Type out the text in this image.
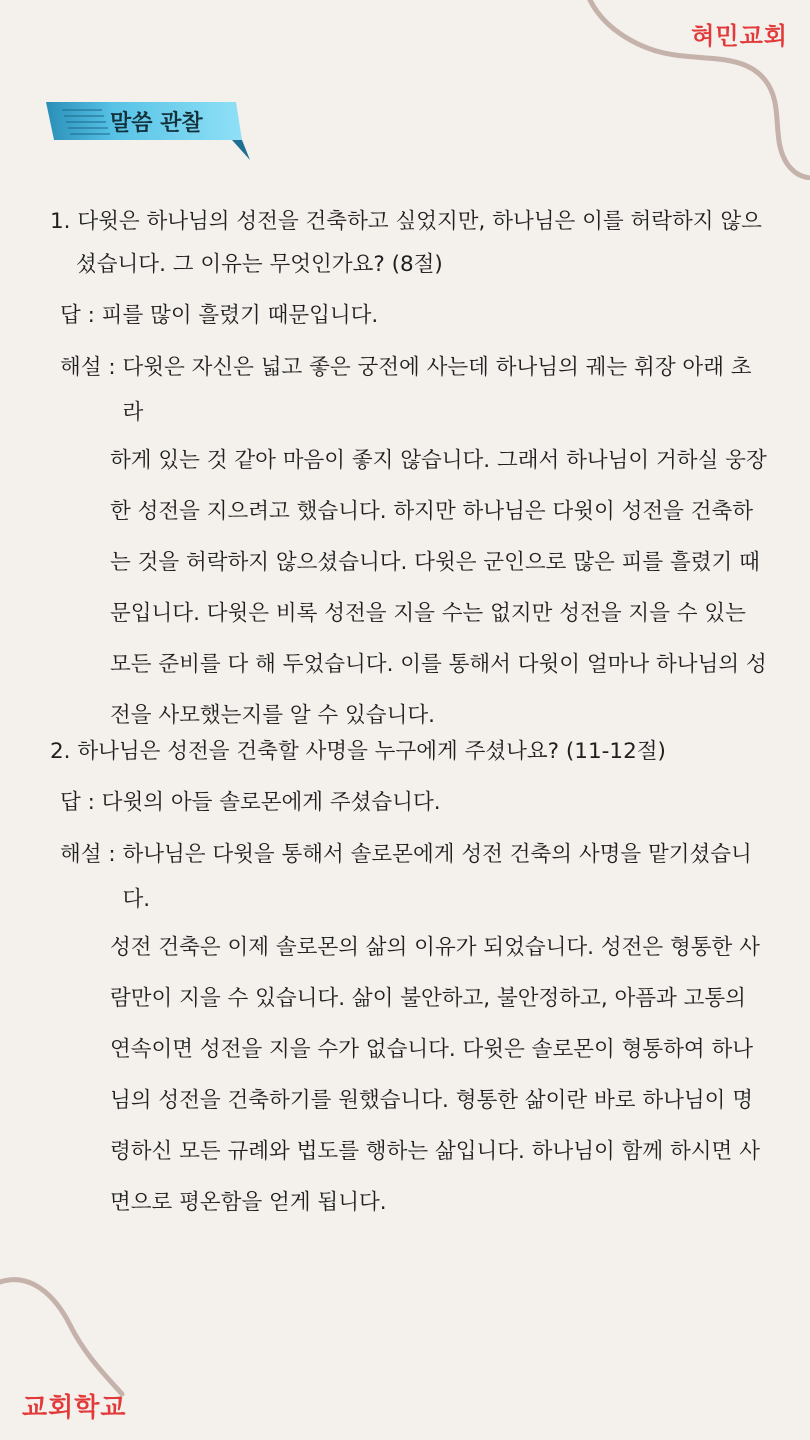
혀민교회
말씀 관찰
1. 다윗은 하나님의 성전을 건축하고 싶었지만, 하나님은 이를 허락하지 않으셨습니다. 그 이유는 무엇인가요? (8절)
답 : 피를 많이 흘렸기 때문입니다.
해설 : 다윗은 자신은 넓고 좋은 궁전에 사는데 하나님의 궤는 휘장 아래 초라
하게 있는 것 같아 마음이 좋지 않습니다. 그래서 하나님이 거하실 웅장한 성전을 지으려고 했습니다. 하지만 하나님은 다윗이 성전을 건축하는 것을 허락하지 않으셨습니다. 다윗은 군인으로 많은 피를 흘렸기 때문입니다. 다윗은 비록 성전을 지을 수는 없지만 성전을 지을 수 있는 모든 준비를 다 해 두었습니다. 이를 통해서 다윗이 얼마나 하나님의 성전을 사모했는지를 알 수 있습니다.
2. 하나님은 성전을 건축할 사명을 누구에게 주셨나요? (11-12절)
답 : 다윗의 아들 솔로몬에게 주셨습니다.
해설 : 하나님은 다윗을 통해서 솔로몬에게 성전 건축의 사명을 맡기셨습니다.
성전 건축은 이제 솔로몬의 삶의 이유가 되었습니다. 성전은 형통한 사람만이 지을 수 있습니다. 삶이 불안하고, 불안정하고, 아픔과 고통의 연속이면 성전을 지을 수가 없습니다. 다윗은 솔로몬이 형통하여 하나님의 성전을 건축하기를 원했습니다. 형통한 삶이란 바로 하나님이 명령하신 모든 규례와 법도를 행하는 삶입니다. 하나님이 함께 하시면 사면으로 평온함을 얻게 됩니다.
교회학교
